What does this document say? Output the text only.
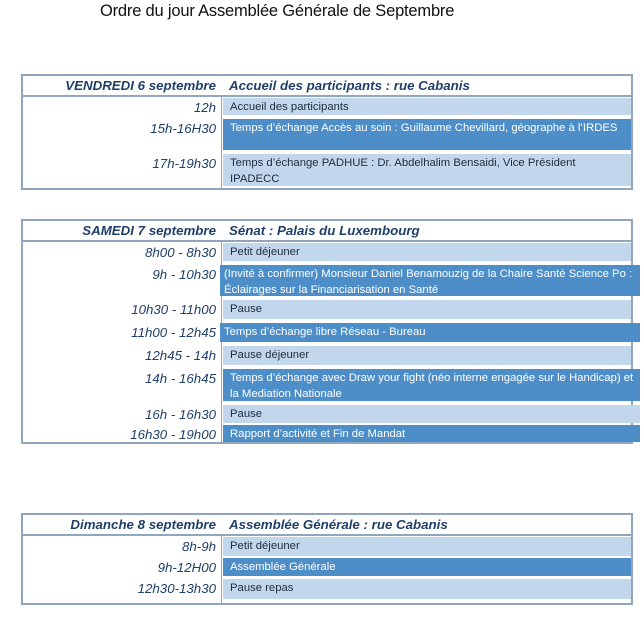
Ordre du jour Assemblée Générale de Septembre
VENDREDI 6 septembre Accueil des participants : rue Cabanis
12h	Accueil des participants
15h-16H30	Temps d’échange Accès au soin : Guillaume Chevillard, géographe à l’IRDES
17h-19h30	Temps d’échange PADHUE : Dr. Abdelhalim Bensaidi, Vice Président IPADECC
SAMEDI 7 septembre Sénat : Palais du Luxembourg
8h00 - 8h30	Petit déjeuner
9h - 10h30 (Invité à confirmer) Monsieur Daniel Benamouzig de la Chaire Santé Science Po : Éclairages sur la Financiarisation en Santé
10h30 - 11h00	Pause
11h00 - 12h45 Temps d’échange libre Réseau - Bureau
12h45 - 14h	Pause déjeuner
14h - 16h45	Temps d’échange avec Draw your fight (néo interne engagée sur le Handicap) et la Mediation Nationale
16h - 16h30	Pause
16h30 - 19h00	Rapport d’activité et Fin de Mandat
Dimanche 8 septembre Assemblée Générale : rue Cabanis
8h-9h	Petit déjeuner
9h-12H00	Assemblée Générale
12h30-13h30	Pause repas
